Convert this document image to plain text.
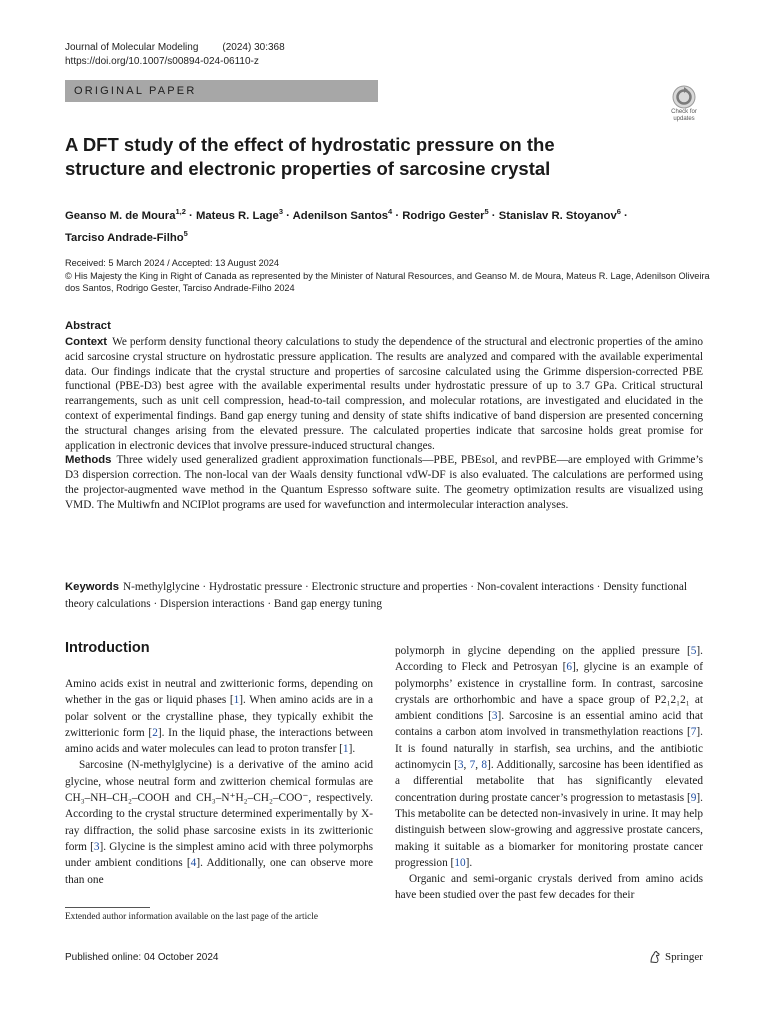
Journal of Molecular Modeling (2024) 30:368
https://doi.org/10.1007/s00894-024-06110-z
ORIGINAL PAPER
Check for
updates
A DFT study of the effect of hydrostatic pressure on the structure and electronic properties of sarcosine crystal
Geanso M. de Moura$^{1,2}$ · Mateus R. Lage$^3$ · Adenilson Santos$^4$ · Rodrigo Gester$^5$ · Stanislav R. Stoyanov$^6$ ·
Tarciso Andrade-Filho$^5$
Received: 5 March 2024 / Accepted: 13 August 2024
© His Majesty the King in Right of Canada as represented by the Minister of Natural Resources, and Geanso M. de Moura, Mateus R. Lage, Adenilson Oliveira dos Santos, Rodrigo Gester, Tarciso Andrade-Filho 2024
Abstract

Context We perform density functional theory calculations to study the dependence of the structural and electronic properties of the amino acid sarcosine crystal structure on hydrostatic pressure application. The results are analyzed and compared with the available experimental data. Our findings indicate that the crystal structure and properties of sarcosine calculated using the Grimme dispersion-corrected PBE functional (PBE-D3) best agree with the available experimental results under hydrostatic pressure of up to 3.7 GPa. Critical structural rearrangements, such as unit cell compression, head-to-tail compression, and molecular rotations, are investigated and elucidated in the context of experimental findings. Band gap energy tuning and density of state shifts indicative of band dispersion are presented concerning the structural changes arising from the elevated pressure. The calculated properties indicate that sarcosine holds great promise for application in electronic devices that involve pressure-induced structural changes.

Methods Three widely used generalized gradient approximation functionals—PBE, PBEsol, and revPBE—are employed with Grimme’s D3 dispersion correction. The non-local van der Waals density functional vdW-DF is also evaluated. The calculations are performed using the projector-augmented wave method in the Quantum Espresso software suite. The geometry optimization results are visualized using VMD. The Multiwfn and NCIPlot programs are used for wavefunction and intermolecular interaction analyses.

Keywords N-methylglycine · Hydrostatic pressure · Electronic structure and properties · Non-covalent interactions · Density functional theory calculations · Dispersion interactions · Band gap energy tuning
Introduction

Amino acids exist in neutral and zwitterionic forms, depending on whether in the gas or liquid phases [1]. When amino acids are in a polar solvent or the crystalline phase, they typically exhibit the zwitterionic form [2]. In the liquid phase, the interactions between amino acids and water molecules can lead to proton transfer [1].

Sarcosine (N-methylglycine) is a derivative of the amino acid glycine, whose neutral form and zwitterion chemical formulas are CH₃–NH–CH₂–COOH and CH₃–N⁺H₂–CH₂–COO⁻, respectively. According to the crystal structure determined experimentally by X-ray diffraction, the solid phase sarcosine exists in its zwitterionic form [3]. Glycine is the simplest amino acid with three polymorphs under ambient conditions [4]. Additionally, one can observe more than one

polymorph in glycine depending on the applied pressure [5]. According to Fleck and Petrosyan [6], glycine is an example of polymorphs’ existence in crystalline form. In contrast, sarcosine crystals are orthorhombic and have a space group of P2₁2₁2₁ at ambient conditions [3]. Sarcosine is an essential amino acid that contains a carbon atom involved in transmethylation reactions [7]. It is found naturally in starfish, sea urchins, and the antibiotic actinomycin [3, 7, 8]. Additionally, sarcosine has been identified as a differential metabolite that has significantly elevated concentration during prostate cancer’s progression to metastasis [9]. This metabolite can be detected non-invasively in urine. It may help distinguish between slow-growing and aggressive prostate cancers, making it suitable as a biomarker for monitoring prostate cancer progression [10].

Organic and semi-organic crystals derived from amino acids have been studied over the past few decades for their

Extended author information available on the last page of the article
Published online: 04 October 2024	Springer
